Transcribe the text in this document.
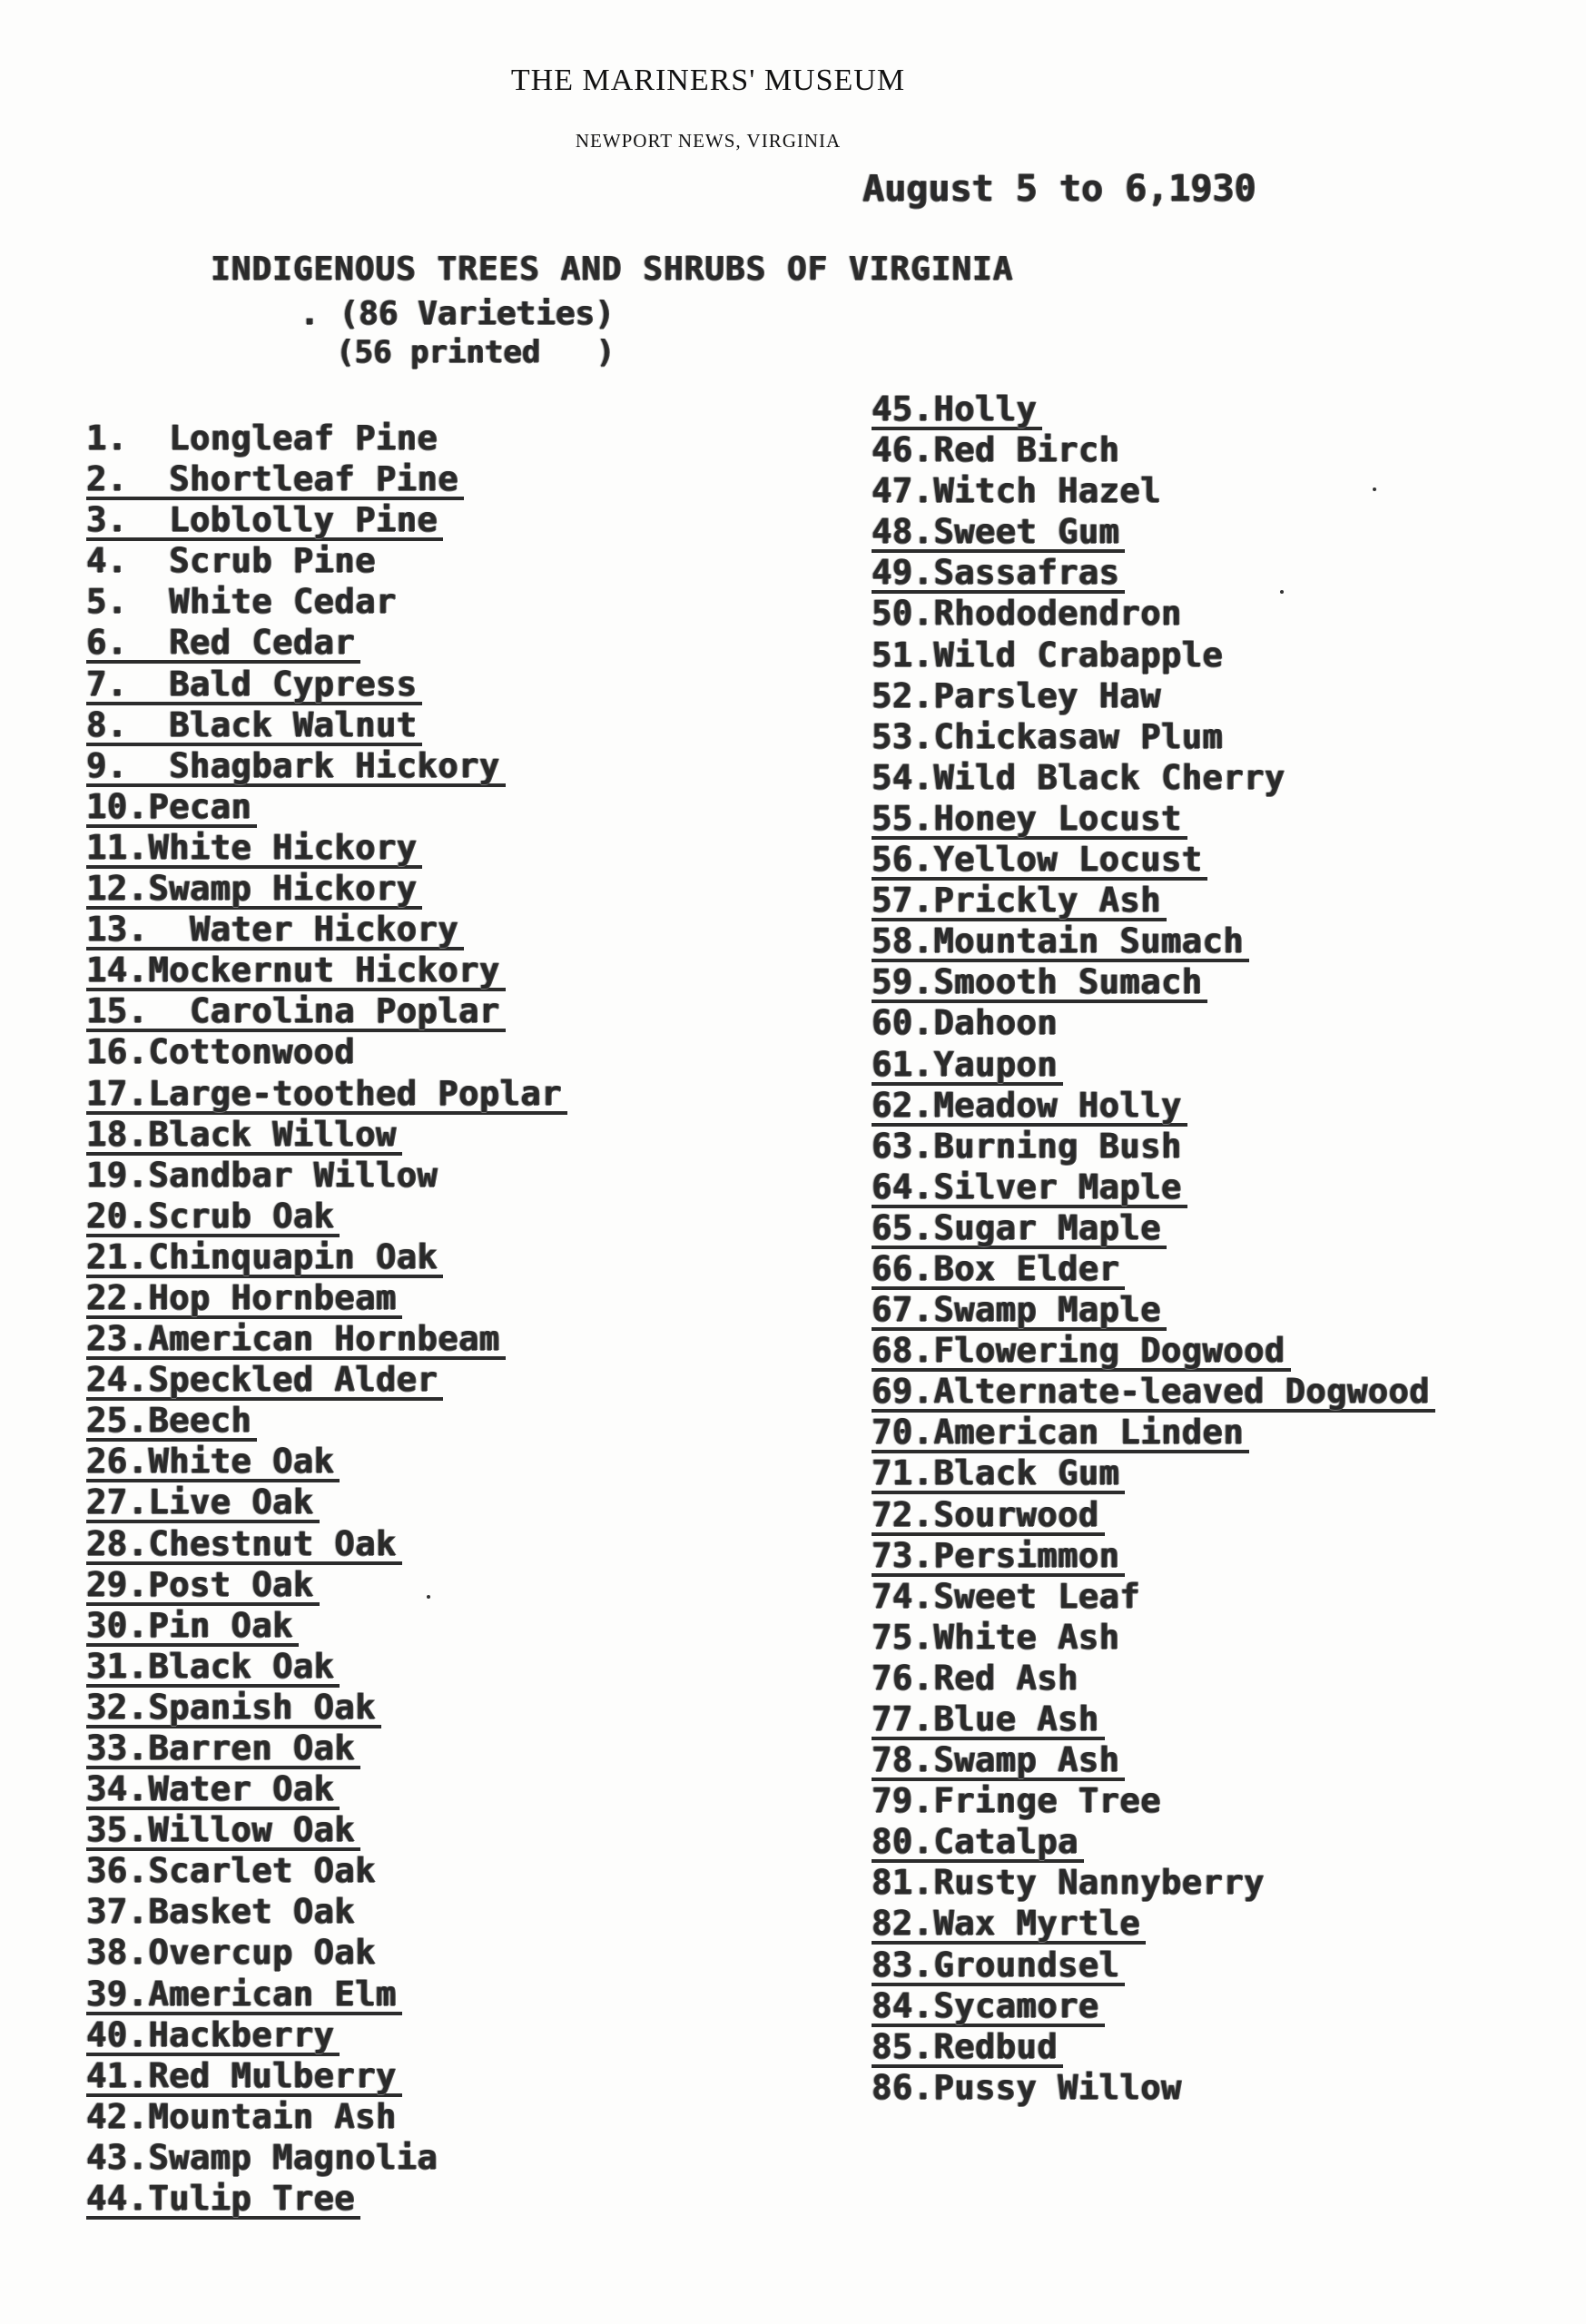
THE MARINERS' MUSEUM
NEWPORT NEWS, VIRGINIA
August 5 to 6,1930
INDIGENOUS TREES AND SHRUBS OF VIRGINIA
. (86 Varieties)
(56 printed   )
1.  Longleaf Pine
2.  Shortleaf Pine
3.  Loblolly Pine
4.  Scrub Pine
5.  White Cedar
6.  Red Cedar
7.  Bald Cypress
8.  Black Walnut
9.  Shagbark Hickory
10.Pecan
11.White Hickory
12.Swamp Hickory
13.  Water Hickory
14.Mockernut Hickory
15.  Carolina Poplar
16.Cottonwood
17.Large-toothed Poplar
18.Black Willow
19.Sandbar Willow
20.Scrub Oak
21.Chinquapin Oak
22.Hop Hornbeam
23.American Hornbeam
24.Speckled Alder
25.Beech
26.White Oak
27.Live Oak
28.Chestnut Oak
29.Post Oak
30.Pin Oak
31.Black Oak
32.Spanish Oak
33.Barren Oak
34.Water Oak
35.Willow Oak
36.Scarlet Oak
37.Basket Oak
38.Overcup Oak
39.American Elm
40.Hackberry
41.Red Mulberry
42.Mountain Ash
43.Swamp Magnolia
44.Tulip Tree
45.Holly
46.Red Birch
47.Witch Hazel
48.Sweet Gum
49.Sassafras
50.Rhododendron
51.Wild Crabapple
52.Parsley Haw
53.Chickasaw Plum
54.Wild Black Cherry
55.Honey Locust
56.Yellow Locust
57.Prickly Ash
58.Mountain Sumach
59.Smooth Sumach
60.Dahoon
61.Yaupon
62.Meadow Holly
63.Burning Bush
64.Silver Maple
65.Sugar Maple
66.Box Elder
67.Swamp Maple
68.Flowering Dogwood
69.Alternate-leaved Dogwood
70.American Linden
71.Black Gum
72.Sourwood
73.Persimmon
74.Sweet Leaf
75.White Ash
76.Red Ash
77.Blue Ash
78.Swamp Ash
79.Fringe Tree
80.Catalpa
81.Rusty Nannyberry
82.Wax Myrtle
83.Groundsel
84.Sycamore
85.Redbud
86.Pussy Willow
